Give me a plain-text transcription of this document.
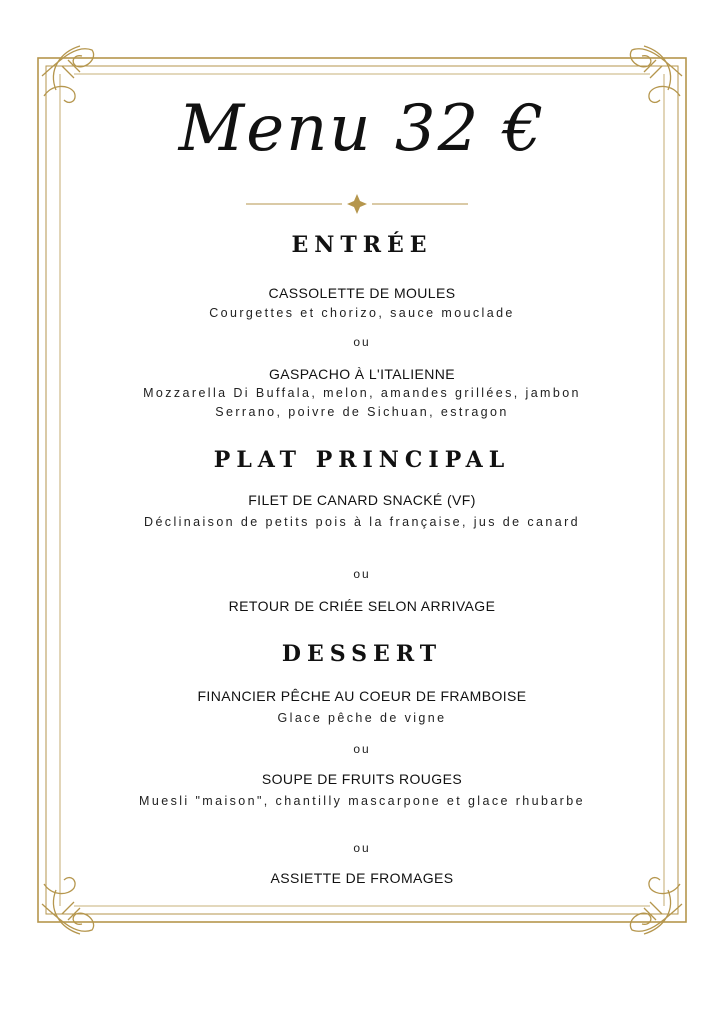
Menu 32 €
ENTRÉE
CASSOLETTE DE MOULES
Courgettes et chorizo, sauce mouclade
ou
GASPACHO À L'ITALIENNE
Mozzarella Di Buffala, melon, amandes grillées, jambon Serrano, poivre de Sichuan, estragon
PLAT PRINCIPAL
FILET DE CANARD SNACKÉ (VF)
Déclinaison de petits pois à la française, jus de canard
ou
RETOUR DE CRIÉE SELON ARRIVAGE
DESSERT
FINANCIER PÊCHE AU COEUR DE FRAMBOISE
Glace pêche de vigne
ou
SOUPE DE FRUITS ROUGES
Muesli "maison", chantilly mascarpone et glace rhubarbe
ou
ASSIETTE DE FROMAGES
